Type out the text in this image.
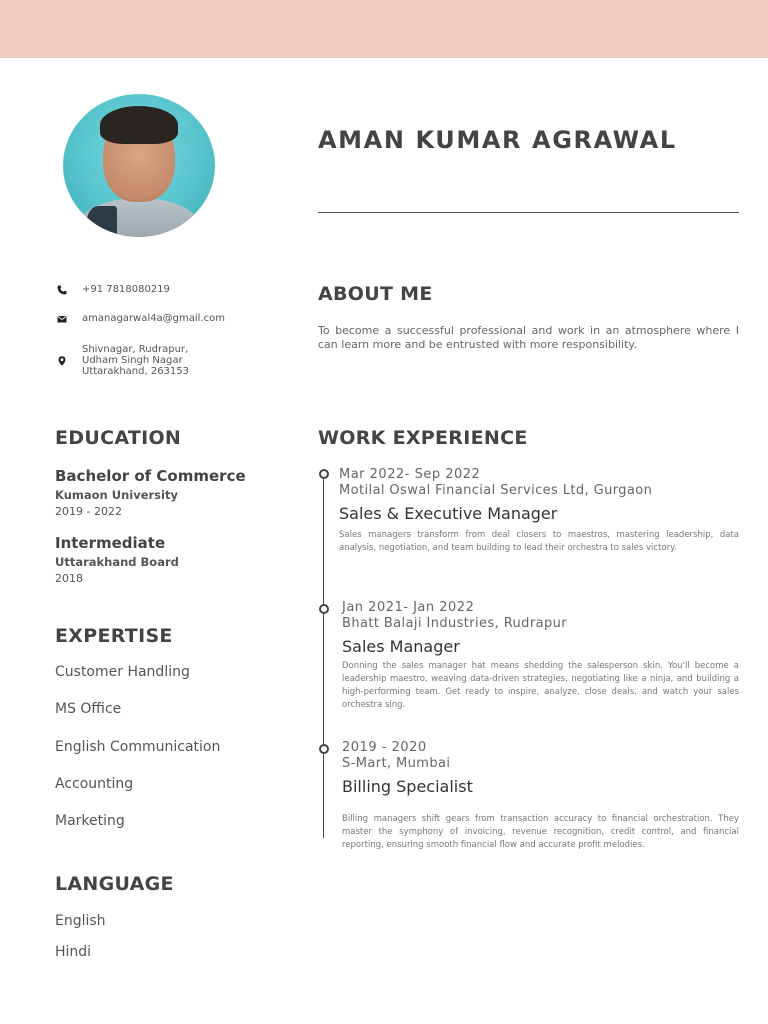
AMAN KUMAR AGRAWAL
+91 7818080219
amanagarwal4a@gmail.com
Shivnagar, Rudrapur,
Udham Singh Nagar
Uttarakhand, 263153
EDUCATION
Bachelor of Commerce
Kumaon University
2019 - 2022
Intermediate
Uttarakhand Board
2018
EXPERTISE
Customer Handling
MS Office
English Communication
Accounting
Marketing
LANGUAGE
English
Hindi
ABOUT ME
To become a successful professional and work in an atmosphere where I can learn more and be entrusted with more responsibility.
WORK EXPERIENCE
Mar 2022- Sep 2022
Motilal Oswal Financial Services Ltd, Gurgaon
Sales & Executive Manager
Sales managers transform from deal closers to maestros, mastering leadership, data analysis, negotiation, and team building to lead their orchestra to sales victory.
Jan 2021- Jan 2022
Bhatt Balaji Industries, Rudrapur
Sales Manager
Donning the sales manager hat means shedding the salesperson skin. You'll become a leadership maestro, weaving data-driven strategies, negotiating like a ninja, and building a high-performing team. Get ready to inspire, analyze, close deals, and watch your sales orchestra sing.
2019 - 2020
S-Mart, Mumbai
Billing Specialist
Billing managers shift gears from transaction accuracy to financial orchestration. They master the symphony of invoicing, revenue recognition, credit control, and financial reporting, ensuring smooth financial flow and accurate profit melodies.
